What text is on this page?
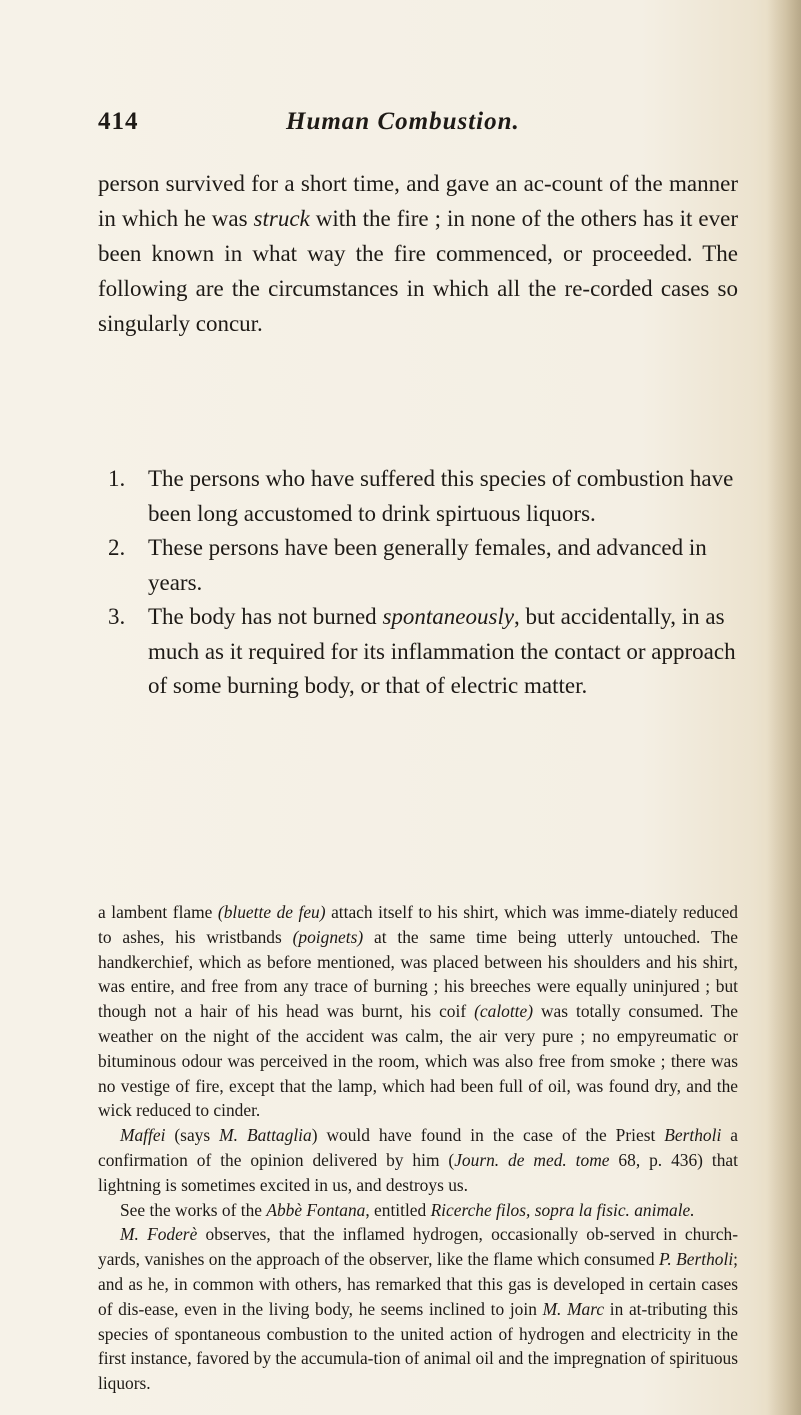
414	Human Combustion.

person survived for a short time, and gave an ac-count of the manner in which he was struck with the fire ; in none of the others has it ever been known in what way the fire commenced, or proceeded. The following are the circumstances in which all the re-corded cases so singularly concur.

1. The persons who have suffered this species of combustion have been long accustomed to drink spirtuous liquors.
2. These persons have been generally females, and advanced in years.
3. The body has not burned spontaneously, but accidentally, in as much as it required for its inflammation the contact or approach of some burning body, or that of electric matter.

a lambent flame (bluette de feu) attach itself to his shirt, which was imme-diately reduced to ashes, his wristbands (poignets) at the same time being utterly untouched. The handkerchief, which as before mentioned, was placed between his shoulders and his shirt, was entire, and free from any trace of burning ; his breeches were equally uninjured ; but though not a hair of his head was burnt, his coif (calotte) was totally consumed. The weather on the night of the accident was calm, the air very pure ; no empyreumatic or bituminous odour was perceived in the room, which was also free from smoke ; there was no vestige of fire, except that the lamp, which had been full of oil, was found dry, and the wick reduced to cinder.

Maffei (says M. Battaglia) would have found in the case of the Priest Bertholi a confirmation of the opinion delivered by him (Journ. de med. tome 68, p. 436) that lightning is sometimes excited in us, and destroys us.

See the works of the Abbè Fontana, entitled Ricerche filos, sopra la fisic. animale.

M. Foderè observes, that the inflamed hydrogen, occasionally ob-served in church-yards, vanishes on the approach of the observer, like the flame which consumed P. Bertholi; and as he, in common with others, has remarked that this gas is developed in certain cases of dis-ease, even in the living body, he seems inclined to join M. Marc in at-tributing this species of spontaneous combustion to the united action of hydrogen and electricity in the first instance, favored by the accumula-tion of animal oil and the impregnation of spirituous liquors.
